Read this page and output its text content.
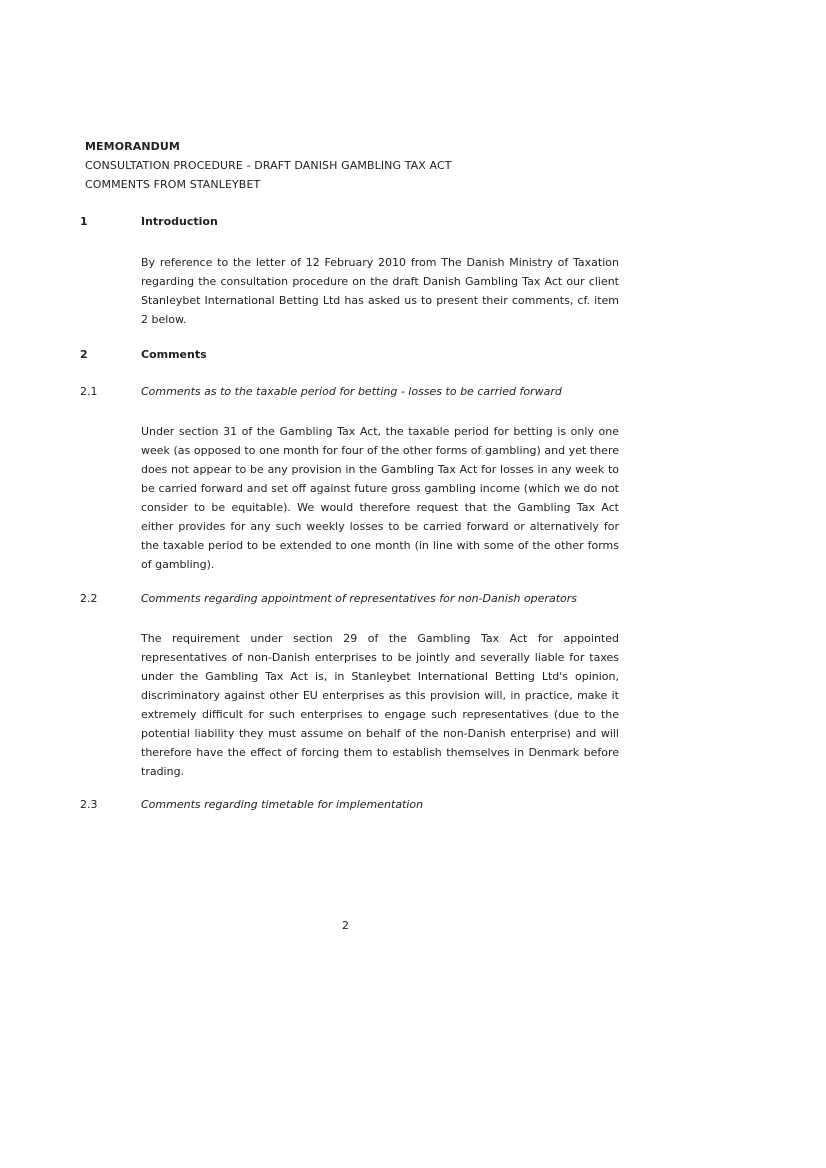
MEMORANDUM
CONSULTATION PROCEDURE - DRAFT DANISH GAMBLING TAX ACT
COMMENTS FROM STANLEYBET
1	Introduction

By reference to the letter of 12 February 2010 from The Danish Ministry of Taxation regarding the consultation procedure on the draft Danish Gambling Tax Act our client Stanleybet International Betting Ltd has asked us to present their comments, cf. item 2 below.

2	Comments
2.1	Comments as to the taxable period for betting - losses to be carried forward

Under section 31 of the Gambling Tax Act, the taxable period for betting is only one week (as opposed to one month for four of the other forms of gambling) and yet there does not appear to be any provision in the Gambling Tax Act for losses in any week to be carried forward and set off against future gross gambling income (which we do not consider to be equitable). We would therefore request that the Gambling Tax Act either provides for any such weekly losses to be carried forward or alternatively for the taxable period to be extended to one month (in line with some of the other forms of gambling).

2.2	Comments regarding appointment of representatives for non-Danish operators

The requirement under section 29 of the Gambling Tax Act for appointed representatives of non-Danish enterprises to be jointly and severally liable for taxes under the Gambling Tax Act is, in Stanleybet International Betting Ltd's opinion, discriminatory against other EU enterprises as this provision will, in practice, make it extremely difficult for such enterprises to engage such representatives (due to the potential liability they must assume on behalf of the non-Danish enterprise) and will therefore have the effect of forcing them to establish themselves in Denmark before trading.

2.3	Comments regarding timetable for implementation
2
